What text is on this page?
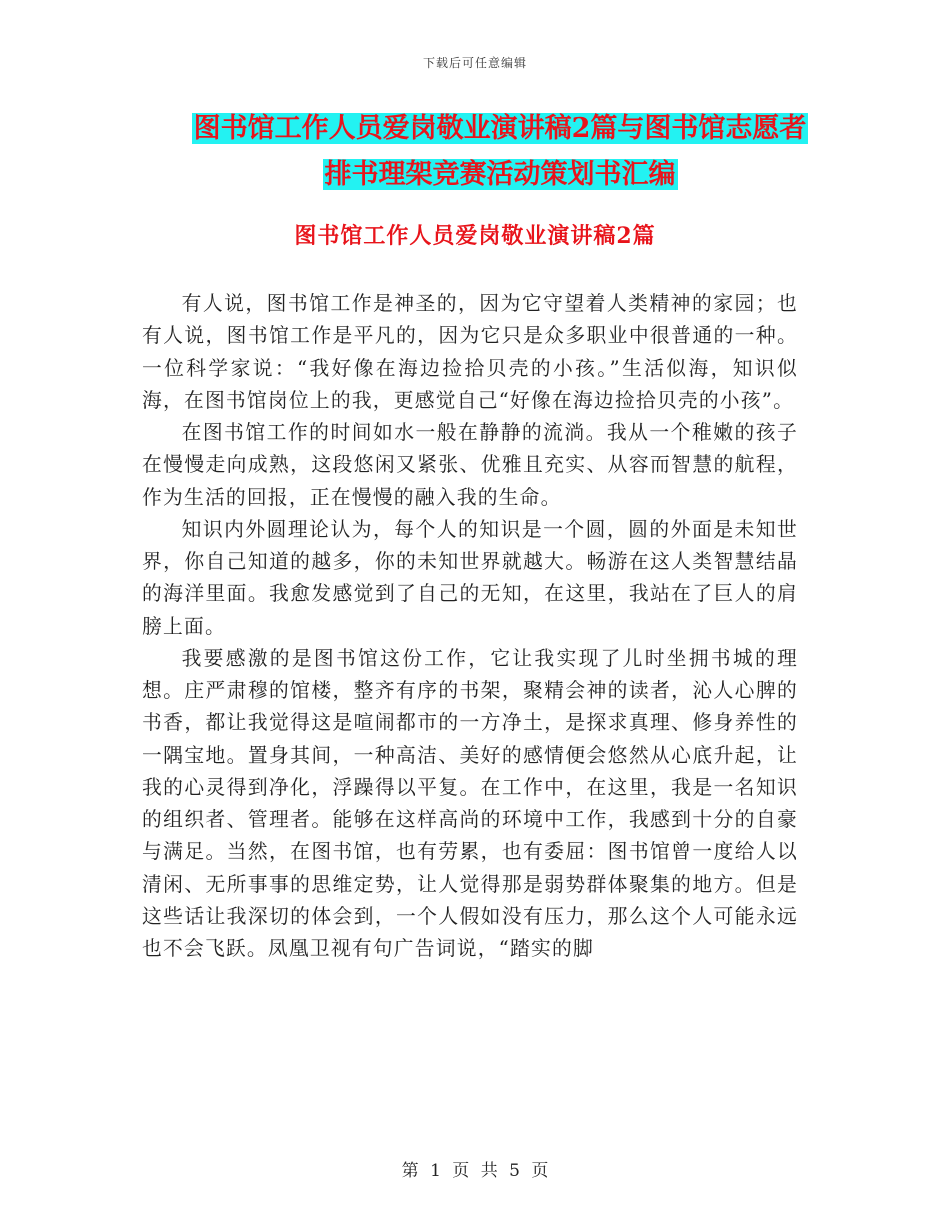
下载后可任意编辑
图书馆工作人员爱岗敬业演讲稿2篇与图书馆志愿者
排书理架竞赛活动策划书汇编
图书馆工作人员爱岗敬业演讲稿2篇

有人说，图书馆工作是神圣的，因为它守望着人类精神的家园；也有人说，图书馆工作是平凡的，因为它只是众多职业中很普通的一种。一位科学家说：“我好像在海边捡拾贝壳的小孩。”生活似海，知识似海，在图书馆岗位上的我，更感觉自己“好像在海边捡拾贝壳的小孩”。

在图书馆工作的时间如水一般在静静的流淌。我从一个稚嫩的孩子在慢慢走向成熟，这段悠闲又紧张、优雅且充实、从容而智慧的航程，作为生活的回报，正在慢慢的融入我的生命。

知识内外圆理论认为，每个人的知识是一个圆，圆的外面是未知世界，你自己知道的越多，你的未知世界就越大。畅游在这人类智慧结晶的海洋里面。我愈发感觉到了自己的无知，在这里，我站在了巨人的肩膀上面。

我要感激的是图书馆这份工作，它让我实现了儿时坐拥书城的理想。庄严肃穆的馆楼，整齐有序的书架，聚精会神的读者，沁人心脾的书香，都让我觉得这是喧闹都市的一方净土，是探求真理、修身养性的一隅宝地。置身其间，一种高洁、美好的感情便会悠然从心底升起，让我的心灵得到净化，浮躁得以平复。在工作中，在这里，我是一名知识的组织者、管理者。能够在这样高尚的环境中工作，我感到十分的自豪与满足。当然，在图书馆，也有劳累，也有委屈：图书馆曾一度给人以清闲、无所事事的思维定势，让人觉得那是弱势群体聚集的地方。但是这些话让我深切的体会到，一个人假如没有压力，那么这个人可能永远也不会飞跃。凤凰卫视有句广告词说，“踏实的脚

第 1 页 共 5 页
